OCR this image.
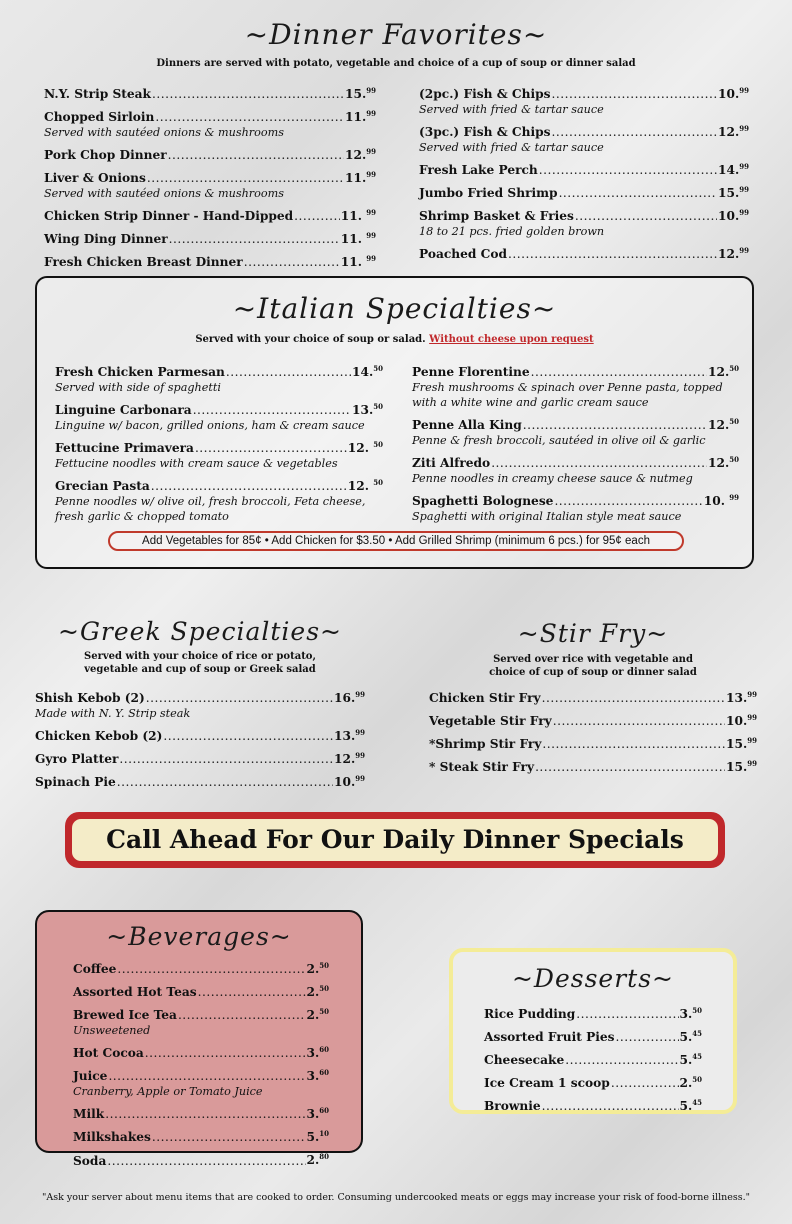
~Dinner Favorites~
Dinners are served with potato, vegetable and choice of a cup of soup or dinner salad
N.Y. Strip Steak .....	15.99
Chopped Sirloin .....	11.99
Served with sautéed onions & mushrooms
Pork Chop Dinner .....	12.99
Liver & Onions .....	11.99
Served with sautéed onions & mushrooms
Chicken Strip Dinner - Hand-Dipped .....	11. $^{99}$
Wing Ding Dinner .....	11. $^{99}$
Fresh Chicken Breast Dinner .....	11. $^{99}$
(2pc.) Fish & Chips .....	10.99
Served with fried & tartar sauce
(3pc.) Fish & Chips .....	12.99
Served with fried & tartar sauce
Fresh Lake Perch .....	14.99
Jumbo Fried Shrimp .....	15.99
Shrimp Basket & Fries .....	10.99
18 to 21 pcs. fried golden brown
Poached Cod .....	12.99
~Italian Specialties~
Served with your choice of soup or salad. Without cheese upon request
Fresh Chicken Parmesan .....	14.50
Served with side of spaghetti
Linguine Carbonara .....	13.50
Linguine w/ bacon, grilled onions, ham & cream sauce
Fettucine Primavera .....	12. $^{50}$
Fettucine noodles with cream sauce & vegetables
Grecian Pasta .....	12. $^{50}$
Penne noodles w/ olive oil, fresh broccoli, Feta cheese, fresh garlic & chopped tomato
Penne Florentine .....	12.50
Fresh mushrooms & spinach over Penne pasta, topped with a white wine and garlic cream sauce
Penne Alla King .....	12.50
Penne & fresh broccoli, sautéed in olive oil & garlic
Ziti Alfredo .....	12.50
Penne noodles in creamy cheese sauce & nutmeg
Spaghetti Bolognese .....	10. $^{99}$
Spaghetti with original Italian style meat sauce
Add Vegetables for 85¢ • Add Chicken for $3.50 • Add Grilled Shrimp (minimum 6 pcs.) for 95¢ each
~Greek Specialties~
Served with your choice of rice or potato,
vegetable and cup of soup or Greek salad
Shish Kebob (2) .....	16.99
Made with N. Y. Strip steak
Chicken Kebob (2) .....	13.99
Gyro Platter .....	12.99
Spinach Pie .....	10.99
~Stir Fry~
Served over rice with vegetable and
choice of cup of soup or dinner salad
Chicken Stir Fry .....	13.99
Vegetable Stir Fry .....	10.99
*Shrimp Stir Fry .....	15.99
* Steak Stir Fry .....	15.99
Call Ahead For Our Daily Dinner Specials
~Beverages~
Coffee .....	2.50
Assorted Hot Teas .....	2.50
Brewed Ice Tea .....	2.50
Unsweetened
Hot Cocoa .....	3.60
Juice .....	3.60
Cranberry, Apple or Tomato Juice
Milk .....	3.60
Milkshakes .....	5.10
Soda .....	2.80
~Desserts~
Rice Pudding .....	3.50
Assorted Fruit Pies .....	5.45
Cheesecake .....	5.45
Ice Cream 1 scoop .....	2.50
Brownie .....	5.45
"Ask your server about menu items that are cooked to order. Consuming undercooked meats or eggs may increase your risk of food-borne illness."
